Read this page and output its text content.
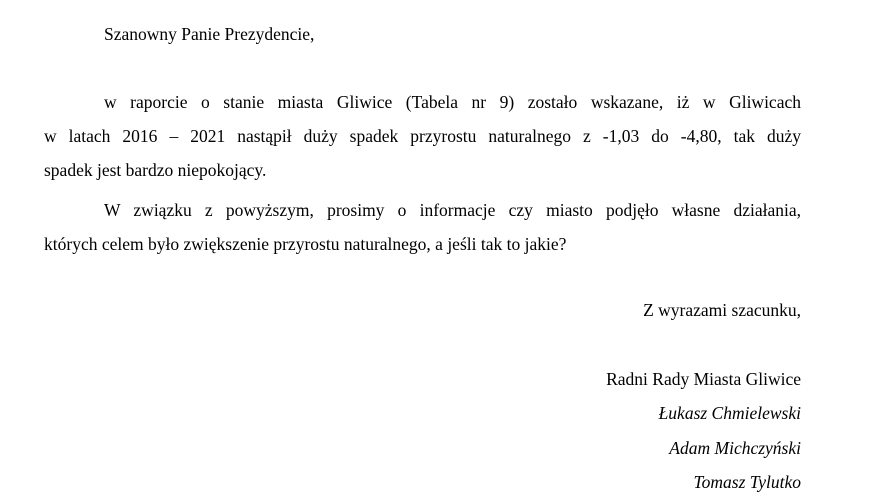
Szanowny Panie Prezydencie,
w raporcie o stanie miasta Gliwice (Tabela nr 9) zostało wskazane, iż w Gliwicach
w latach 2016 – 2021 nastąpił duży spadek przyrostu naturalnego z -1,03 do -4,80, tak duży
spadek jest bardzo niepokojący.
W związku z powyższym, prosimy o informacje czy miasto podjęło własne działania,
których celem było zwiększenie przyrostu naturalnego, a jeśli tak to jakie?
Z wyrazami szacunku,
Radni Rady Miasta Gliwice
Łukasz Chmielewski
Adam Michczyński
Tomasz Tylutko
